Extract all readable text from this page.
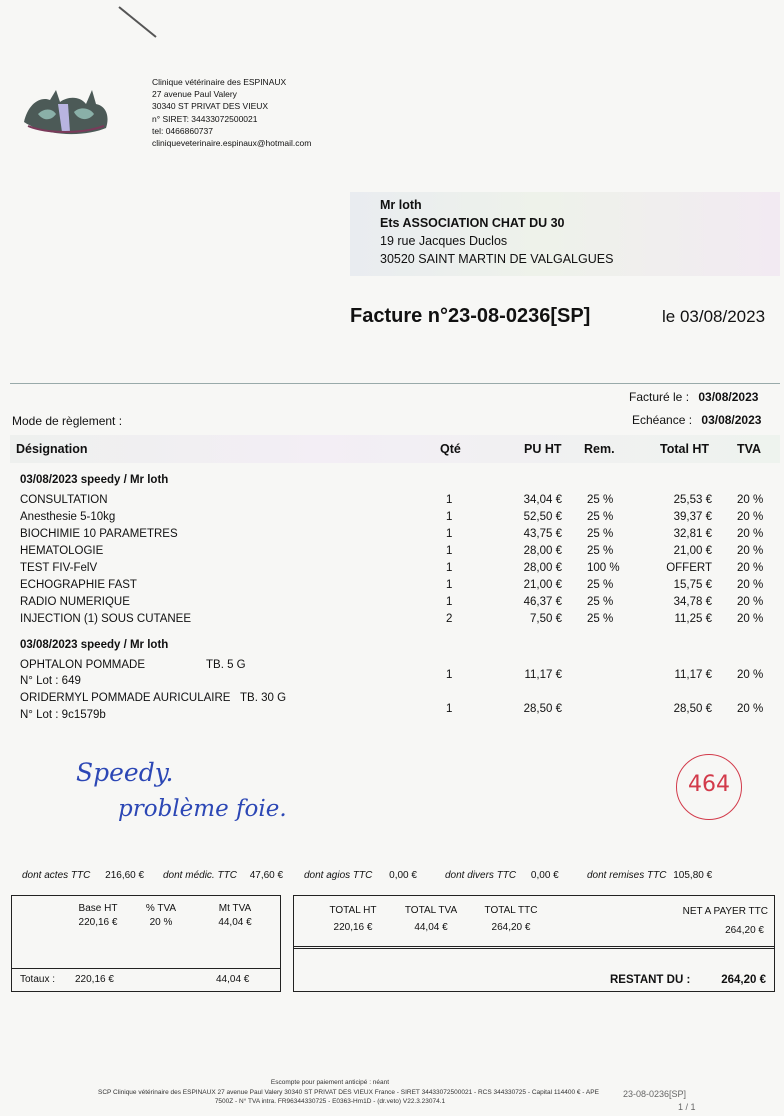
Clinique vétérinaire des ESPINAUX
27 avenue Paul Valery
30340 ST PRIVAT DES VIEUX
n° SIRET: 34433072500021
tel: 0466860737
cliniqueveterinaire.espinaux@hotmail.com
Mr loth
Ets ASSOCIATION CHAT DU 30
19 rue Jacques Duclos
30520 SAINT MARTIN DE VALGALGUES
Facture n°23-08-0236[SP]	le 03/08/2023
Facturé le : 03/08/2023
Echéance : 03/08/2023
Mode de règlement :
Désignation	Qté	PU HT Rem.	Total HT TVA
03/08/2023 speedy / Mr loth
CONSULTATION	1	34,04 € 25 %	25,53 € 20 %
Anesthesie 5-10kg	1	52,50 € 25 %	39,37 € 20 %
BIOCHIMIE 10 PARAMETRES	1	43,75 € 25 %	32,81 € 20 %
HEMATOLOGIE	1	28,00 € 25 %	21,00 € 20 %
TEST FIV-FelV	1	28,00 € 100 %	OFFERT 20 %
ECHOGRAPHIE FAST	1	21,00 € 25 %	15,75 € 20 %
RADIO NUMERIQUE	1	46,37 € 25 %	34,78 € 20 %
INJECTION (1) SOUS CUTANEE	2	7,50 € 25 %	11,25 € 20 %
03/08/2023 speedy / Mr loth
OPHTALON POMMADE	TB. 5 G
N° Lot : 649	1	11,17 €	11,17 € 20 %
ORIDERMYL POMMADE AURICULAIRE TB. 30 G
N° Lot : 9c1579b	1	28,50 €	28,50 € 20 %
Speedy.
problème foie.
464
dont actes TTC 216,60 € dont médic. TTC 47,60 € dont agios TTC 0,00 €	dont divers TTC 0,00 €	dont remises TTC 105,80 €
Base HT	% TVA	Mt TVA
220,16 €	20 %	44,04 €
Totaux : 220,16 €	44,04 €
TOTAL HT	TOTAL TVA	TOTAL TTC	NET A PAYER TTC
220,16 €	44,04 €	264,20 €	264,20 €
RESTANT DU :	264,20 €
Escompte pour paiement anticipé : néant
SCP Clinique vétérinaire des ESPINAUX 27 avenue Paul Valery 30340 ST PRIVAT DES VIEUX France - SIRET 34433072500021 - RCS 344330725 - Capital 114400 € - APE
7500Z - N° TVA intra. FR96344330725 - E0363-Hm1D - (dr.veto) V22.3.23074.1
23-08-0236[SP]
1 / 1
